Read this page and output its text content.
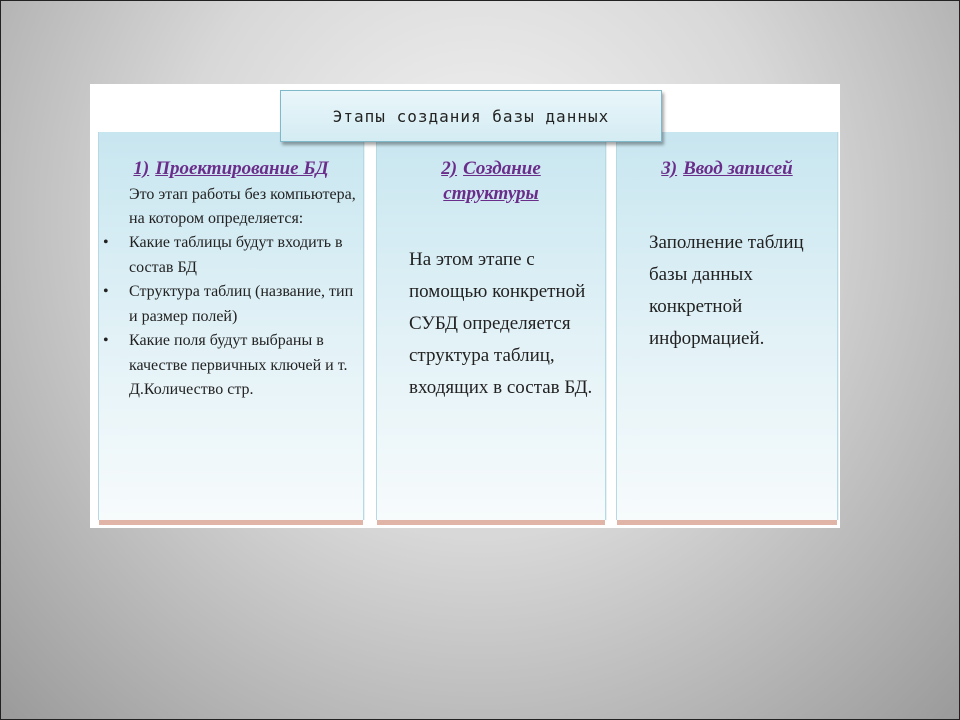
1) Проектирование БД
Это этап работы без компьютера, на котором определяется:
• Какие таблицы будут входить в состав БД
• Структура таблиц (название, тип и размер полей)
• Какие поля будут выбраны в качестве первичных ключей и т. Д.Количество стр.
2) Создание структуры
На этом этапе с помощью конкретной СУБД определяется структура таблиц, входящих в состав БД.
3) Ввод записей
Заполнение таблиц базы данных конкретной информацией.
Этапы создания базы данных
